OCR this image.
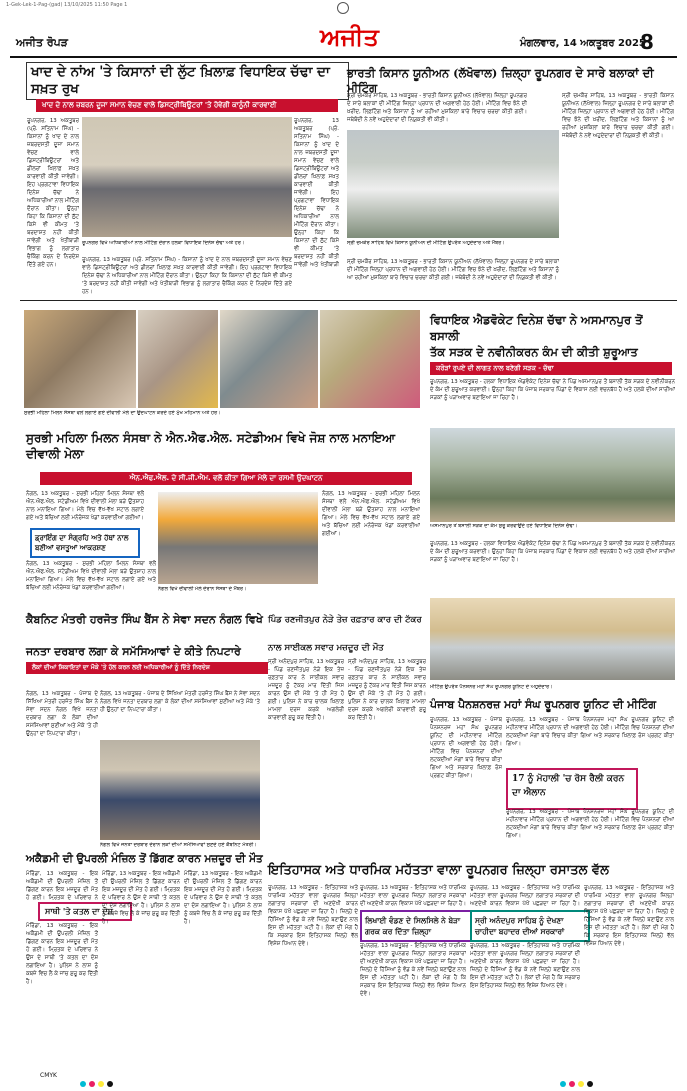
1-Gek-Lek-1-Pag-(gad) 13/10/2025 11:50 Page 1
ਅਜੀਤ ਰੋਪੜ	ਅਜੀਤ	ਮੰਗਲਵਾਰ, 14 ਅਕਤੂਬਰ 2025
8
ਖਾਦ ਦੇ ਨਾਂਅ 'ਤੇ ਕਿਸਾਨਾਂ ਦੀ ਲੁੱਟ ਖ਼ਿਲਾਫ਼ ਵਿਧਾਇਕ ਚੱਢਾ ਦਾ ਸਖ਼ਤ ਰੁਖ
ਖਾਦ ਦੇ ਨਾਲ ਜ਼ਬਰਨ ਦੂਜਾ ਸਮਾਨ ਵੇਚਣ ਵਾਲੇ ਡਿਸਟ੍ਰੀਬਿਊਟਰਾਂ 'ਤੇ ਹੋਵੇਗੀ ਕਾਨੂੰਨੀ ਕਾਰਵਾਈ
ਰੂਪਨਗਰ, 13 ਅਕਤੂਬਰ (ਪ੍ਰੋ. ਸਤਿਨਾਮ ਸਿੰਘ) - ਕਿਸਾਨਾਂ ਨੂੰ ਖਾਦ ਦੇ ਨਾਲ ਜ਼ਬਰਦਸਤੀ ਦੂਜਾ ਸਮਾਨ ਵੇਚਣ ਵਾਲੇ ਡਿਸਟ੍ਰੀਬਿਊਟਰਾਂ ਅਤੇ ਡੀਲਰਾਂ ਖ਼ਿਲਾਫ਼ ਸਖ਼ਤ ਕਾਰਵਾਈ ਕੀਤੀ ਜਾਵੇਗੀ। ਇਹ ਪ੍ਰਗਟਾਵਾ ਵਿਧਾਇਕ ਦਿਨੇਸ਼ ਚੱਢਾ ਨੇ ਅਧਿਕਾਰੀਆਂ ਨਾਲ ਮੀਟਿੰਗ ਦੌਰਾਨ ਕੀਤਾ। ਉਨ੍ਹਾਂ ਕਿਹਾ ਕਿ ਕਿਸਾਨਾਂ ਦੀ ਲੁੱਟ ਕਿਸੇ ਵੀ ਕੀਮਤ 'ਤੇ ਬਰਦਾਸ਼ਤ ਨਹੀਂ ਕੀਤੀ ਜਾਵੇਗੀ ਅਤੇ ਖੇਤੀਬਾੜੀ ਵਿਭਾਗ ਨੂੰ ਲਗਾਤਾਰ ਚੈਕਿੰਗ ਕਰਨ ਦੇ ਨਿਰਦੇਸ਼ ਦਿੱਤੇ ਗਏ ਹਨ।
ਰੂਪਨਗਰ, 13 ਅਕਤੂਬਰ (ਪ੍ਰੋ. ਸਤਿਨਾਮ ਸਿੰਘ) - ਕਿਸਾਨਾਂ ਨੂੰ ਖਾਦ ਦੇ ਨਾਲ ਜ਼ਬਰਦਸਤੀ ਦੂਜਾ ਸਮਾਨ ਵੇਚਣ ਵਾਲੇ ਡਿਸਟ੍ਰੀਬਿਊਟਰਾਂ ਅਤੇ ਡੀਲਰਾਂ ਖ਼ਿਲਾਫ਼ ਸਖ਼ਤ ਕਾਰਵਾਈ ਕੀਤੀ ਜਾਵੇਗੀ। ਇਹ ਪ੍ਰਗਟਾਵਾ ਵਿਧਾਇਕ ਦਿਨੇਸ਼ ਚੱਢਾ ਨੇ ਅਧਿਕਾਰੀਆਂ ਨਾਲ ਮੀਟਿੰਗ ਦੌਰਾਨ ਕੀਤਾ। ਉਨ੍ਹਾਂ ਕਿਹਾ ਕਿ ਕਿਸਾਨਾਂ ਦੀ ਲੁੱਟ ਕਿਸੇ ਵੀ ਕੀਮਤ 'ਤੇ ਬਰਦਾਸ਼ਤ ਨਹੀਂ ਕੀਤੀ ਜਾਵੇਗੀ ਅਤੇ ਖੇਤੀਬਾੜੀ
ਰੂਪਨਗਰ ਵਿਖੇ ਅਧਿਕਾਰੀਆਂ ਨਾਲ ਮੀਟਿੰਗ ਦੌਰਾਨ ਹਲਕਾ ਵਿਧਾਇਕ ਦਿਨੇਸ਼ ਚੱਢਾ ਅਤੇ ਹੋਰ।
ਰੂਪਨਗਰ, 13 ਅਕਤੂਬਰ (ਪ੍ਰੋ. ਸਤਿਨਾਮ ਸਿੰਘ) - ਕਿਸਾਨਾਂ ਨੂੰ ਖਾਦ ਦੇ ਨਾਲ ਜ਼ਬਰਦਸਤੀ ਦੂਜਾ ਸਮਾਨ ਵੇਚਣ ਵਾਲੇ ਡਿਸਟ੍ਰੀਬਿਊਟਰਾਂ ਅਤੇ ਡੀਲਰਾਂ ਖ਼ਿਲਾਫ਼ ਸਖ਼ਤ ਕਾਰਵਾਈ ਕੀਤੀ ਜਾਵੇਗੀ। ਇਹ ਪ੍ਰਗਟਾਵਾ ਵਿਧਾਇਕ ਦਿਨੇਸ਼ ਚੱਢਾ ਨੇ ਅਧਿਕਾਰੀਆਂ ਨਾਲ ਮੀਟਿੰਗ ਦੌਰਾਨ ਕੀਤਾ। ਉਨ੍ਹਾਂ ਕਿਹਾ ਕਿ ਕਿਸਾਨਾਂ ਦੀ ਲੁੱਟ ਕਿਸੇ ਵੀ ਕੀਮਤ 'ਤੇ ਬਰਦਾਸ਼ਤ ਨਹੀਂ ਕੀਤੀ ਜਾਵੇਗੀ ਅਤੇ ਖੇਤੀਬਾੜੀ ਵਿਭਾਗ ਨੂੰ ਲਗਾਤਾਰ ਚੈਕਿੰਗ ਕਰਨ ਦੇ ਨਿਰਦੇਸ਼ ਦਿੱਤੇ ਗਏ ਹਨ।
ਭਾਰਤੀ ਕਿਸਾਨ ਯੂਨੀਅਨ (ਲੱਖੋਵਾਲ) ਜ਼ਿਲ੍ਹਾ ਰੂਪਨਗਰ ਦੇ ਸਾਰੇ ਬਲਾਕਾਂ ਦੀ ਮੀਟਿੰਗ
ਸ੍ਰੀ ਚਮਕੌਰ ਸਾਹਿਬ, 13 ਅਕਤੂਬਰ - ਭਾਰਤੀ ਕਿਸਾਨ ਯੂਨੀਅਨ (ਲੱਖੋਵਾਲ) ਜ਼ਿਲ੍ਹਾ ਰੂਪਨਗਰ ਦੇ ਸਾਰੇ ਬਲਾਕਾਂ ਦੀ ਮੀਟਿੰਗ ਜ਼ਿਲ੍ਹਾ ਪ੍ਰਧਾਨ ਦੀ ਅਗਵਾਈ ਹੇਠ ਹੋਈ। ਮੀਟਿੰਗ ਵਿਚ ਝੋਨੇ ਦੀ ਖ਼ਰੀਦ, ਲਿਫ਼ਟਿੰਗ ਅਤੇ ਕਿਸਾਨਾਂ ਨੂੰ ਆ ਰਹੀਆਂ ਮੁਸ਼ਕਿਲਾਂ ਬਾਰੇ ਵਿਚਾਰ ਚਰਚਾ ਕੀਤੀ ਗਈ। ਜਥੇਬੰਦੀ ਨੇ ਨਵੇਂ ਅਹੁਦੇਦਾਰਾਂ ਦੀ ਨਿਯੁਕਤੀ ਵੀ ਕੀਤੀ।
ਸ੍ਰੀ ਚਮਕੌਰ ਸਾਹਿਬ, 13 ਅਕਤੂਬਰ - ਭਾਰਤੀ ਕਿਸਾਨ ਯੂਨੀਅਨ (ਲੱਖੋਵਾਲ) ਜ਼ਿਲ੍ਹਾ ਰੂਪਨਗਰ ਦੇ ਸਾਰੇ ਬਲਾਕਾਂ ਦੀ ਮੀਟਿੰਗ ਜ਼ਿਲ੍ਹਾ ਪ੍ਰਧਾਨ ਦੀ ਅਗਵਾਈ ਹੇਠ ਹੋਈ। ਮੀਟਿੰਗ ਵਿਚ ਝੋਨੇ ਦੀ ਖ਼ਰੀਦ, ਲਿਫ਼ਟਿੰਗ ਅਤੇ ਕਿਸਾਨਾਂ ਨੂੰ ਆ ਰਹੀਆਂ ਮੁਸ਼ਕਿਲਾਂ ਬਾਰੇ ਵਿਚਾਰ ਚਰਚਾ ਕੀਤੀ ਗਈ। ਜਥੇਬੰਦੀ ਨੇ ਨਵੇਂ ਅਹੁਦੇਦਾਰਾਂ ਦੀ ਨਿਯੁਕਤੀ ਵੀ ਕੀਤੀ।
ਸ੍ਰੀ ਚਮਕੌਰ ਸਾਹਿਬ ਵਿਖੇ ਕਿਸਾਨ ਯੂਨੀਅਨ ਦੀ ਮੀਟਿੰਗ ਉਪਰੰਤ ਅਹੁਦੇਦਾਰ ਅਤੇ ਮੈਂਬਰ।
ਸ੍ਰੀ ਚਮਕੌਰ ਸਾਹਿਬ, 13 ਅਕਤੂਬਰ - ਭਾਰਤੀ ਕਿਸਾਨ ਯੂਨੀਅਨ (ਲੱਖੋਵਾਲ) ਜ਼ਿਲ੍ਹਾ ਰੂਪਨਗਰ ਦੇ ਸਾਰੇ ਬਲਾਕਾਂ ਦੀ ਮੀਟਿੰਗ ਜ਼ਿਲ੍ਹਾ ਪ੍ਰਧਾਨ ਦੀ ਅਗਵਾਈ ਹੇਠ ਹੋਈ। ਮੀਟਿੰਗ ਵਿਚ ਝੋਨੇ ਦੀ ਖ਼ਰੀਦ, ਲਿਫ਼ਟਿੰਗ ਅਤੇ ਕਿਸਾਨਾਂ ਨੂੰ ਆ ਰਹੀਆਂ ਮੁਸ਼ਕਿਲਾਂ ਬਾਰੇ ਵਿਚਾਰ ਚਰਚਾ ਕੀਤੀ ਗਈ। ਜਥੇਬੰਦੀ ਨੇ ਨਵੇਂ ਅਹੁਦੇਦਾਰਾਂ ਦੀ ਨਿਯੁਕਤੀ ਵੀ ਕੀਤੀ।
ਸੁਰਭੀ ਮਹਿਲਾ ਮਿਲਨ ਸੰਸਥਾ ਵਲੋਂ ਲਗਾਏ ਗਏ ਦੀਵਾਲੀ ਮੇਲੇ ਦਾ ਉਦਘਾਟਨ ਕਰਦੇ ਹੋਏ ਮੁੱਖ ਮਹਿਮਾਨ ਅਤੇ ਹੋਰ।
ਵਿਧਾਇਕ ਐਡਵੋਕੇਟ ਦਿਨੇਸ਼ ਚੱਢਾ ਨੇ ਅਸਮਾਨਪੁਰ ਤੋਂ ਬਸਾਲੀ
ਤੱਕ ਸੜਕ ਦੇ ਨਵੀਨੀਕਰਨ ਕੰਮ ਦੀ ਕੀਤੀ ਸ਼ੁਰੂਆਤ
ਕਰੋੜਾਂ ਰੁਪਏ ਦੀ ਲਾਗਤ ਨਾਲ ਬਣੇਗੀ ਸੜਕ - ਚੱਢਾ
ਰੂਪਨਗਰ, 13 ਅਕਤੂਬਰ - ਹਲਕਾ ਵਿਧਾਇਕ ਐਡਵੋਕੇਟ ਦਿਨੇਸ਼ ਚੱਢਾ ਨੇ ਪਿੰਡ ਅਸਮਾਨਪੁਰ ਤੋਂ ਬਸਾਲੀ ਤੱਕ ਸੜਕ ਦੇ ਨਵੀਨੀਕਰਨ ਦੇ ਕੰਮ ਦੀ ਸ਼ੁਰੂਆਤ ਕਰਵਾਈ। ਉਨ੍ਹਾਂ ਕਿਹਾ ਕਿ ਪੰਜਾਬ ਸਰਕਾਰ ਪਿੰਡਾਂ ਦੇ ਵਿਕਾਸ ਲਈ ਵਚਨਬੱਧ ਹੈ ਅਤੇ ਹਲਕੇ ਦੀਆਂ ਸਾਰੀਆਂ ਸੜਕਾਂ ਨੂੰ ਪੜਾਅਵਾਰ ਬਣਾਇਆ ਜਾ ਰਿਹਾ ਹੈ।
ਅਸਮਾਨਪੁਰ ਤੋਂ ਬਸਾਲੀ ਸੜਕ ਦਾ ਕੰਮ ਸ਼ੁਰੂ ਕਰਵਾਉਂਦੇ ਹੋਏ ਵਿਧਾਇਕ ਦਿਨੇਸ਼ ਚੱਢਾ।
ਰੂਪਨਗਰ, 13 ਅਕਤੂਬਰ - ਹਲਕਾ ਵਿਧਾਇਕ ਐਡਵੋਕੇਟ ਦਿਨੇਸ਼ ਚੱਢਾ ਨੇ ਪਿੰਡ ਅਸਮਾਨਪੁਰ ਤੋਂ ਬਸਾਲੀ ਤੱਕ ਸੜਕ ਦੇ ਨਵੀਨੀਕਰਨ ਦੇ ਕੰਮ ਦੀ ਸ਼ੁਰੂਆਤ ਕਰਵਾਈ। ਉਨ੍ਹਾਂ ਕਿਹਾ ਕਿ ਪੰਜਾਬ ਸਰਕਾਰ ਪਿੰਡਾਂ ਦੇ ਵਿਕਾਸ ਲਈ ਵਚਨਬੱਧ ਹੈ ਅਤੇ ਹਲਕੇ ਦੀਆਂ ਸਾਰੀਆਂ ਸੜਕਾਂ ਨੂੰ ਪੜਾਅਵਾਰ ਬਣਾਇਆ ਜਾ ਰਿਹਾ ਹੈ।
ਸੁਰਭੀ ਮਹਿਲਾ ਮਿਲਨ ਸੰਸਥਾ ਨੇ ਐਨ.ਐਫ.ਐਲ. ਸਟੇਡੀਅਮ ਵਿਖੇ ਜੋਸ਼ ਨਾਲ ਮਨਾਇਆ ਦੀਵਾਲੀ ਮੇਲਾ
ਐਨ.ਐਫ.ਐਲ. ਦੇ ਸੀ.ਜੀ.ਐਮ. ਵਲੋਂ ਕੀਤਾ ਗਿਆ ਮੇਲੇ ਦਾ ਰਸਮੀ ਉਦਘਾਟਨ
ਨੰਗਲ, 13 ਅਕਤੂਬਰ - ਸੁਰਭੀ ਮਹਿਲਾ ਮਿਲਨ ਸੰਸਥਾ ਵਲੋਂ ਐਨ.ਐਫ.ਐਲ. ਸਟੇਡੀਅਮ ਵਿਖੇ ਦੀਵਾਲੀ ਮੇਲਾ ਬੜੇ ਉਤਸ਼ਾਹ ਨਾਲ ਮਨਾਇਆ ਗਿਆ। ਮੇਲੇ ਵਿਚ ਵੱਖ-ਵੱਖ ਸਟਾਲ ਲਗਾਏ ਗਏ ਅਤੇ ਬੱਚਿਆਂ ਲਈ ਮਨੋਰੰਜਕ ਖੇਡਾਂ ਕਰਵਾਈਆਂ ਗਈਆਂ।
ਡ੍ਰਾਇੰਗ ਦਾ ਸੰਗ੍ਰਹਿ ਅਤੇ ਹੱਥਾਂ ਨਾਲ ਬਣੀਆਂ ਵਸਤੂਆਂ ਆਕਰਸ਼ਣ
ਨੰਗਲ, 13 ਅਕਤੂਬਰ - ਸੁਰਭੀ ਮਹਿਲਾ ਮਿਲਨ ਸੰਸਥਾ ਵਲੋਂ ਐਨ.ਐਫ.ਐਲ. ਸਟੇਡੀਅਮ ਵਿਖੇ ਦੀਵਾਲੀ ਮੇਲਾ ਬੜੇ ਉਤਸ਼ਾਹ ਨਾਲ ਮਨਾਇਆ ਗਿਆ। ਮੇਲੇ ਵਿਚ ਵੱਖ-ਵੱਖ ਸਟਾਲ ਲਗਾਏ ਗਏ ਅਤੇ ਬੱਚਿਆਂ ਲਈ ਮਨੋਰੰਜਕ ਖੇਡਾਂ ਕਰਵਾਈਆਂ ਗਈਆਂ।	ਨੰਗਲ ਵਿਖੇ ਦੀਵਾਲੀ ਮੇਲੇ ਦੌਰਾਨ ਸੰਸਥਾ ਦੇ ਮੈਂਬਰ।
ਨੰਗਲ, 13 ਅਕਤੂਬਰ - ਸੁਰਭੀ ਮਹਿਲਾ ਮਿਲਨ ਸੰਸਥਾ ਵਲੋਂ ਐਨ.ਐਫ.ਐਲ. ਸਟੇਡੀਅਮ ਵਿਖੇ ਦੀਵਾਲੀ ਮੇਲਾ ਬੜੇ ਉਤਸ਼ਾਹ ਨਾਲ ਮਨਾਇਆ ਗਿਆ। ਮੇਲੇ ਵਿਚ ਵੱਖ-ਵੱਖ ਸਟਾਲ ਲਗਾਏ ਗਏ ਅਤੇ ਬੱਚਿਆਂ ਲਈ ਮਨੋਰੰਜਕ ਖੇਡਾਂ ਕਰਵਾਈਆਂ ਗਈਆਂ।
ਕੈਬਨਿਟ ਮੰਤਰੀ ਹਰਜੋਤ ਸਿੰਘ ਬੈਂਸ ਨੇ ਸੇਵਾ ਸਦਨ ਨੰਗਲ ਵਿਖੇ
ਜਨਤਾ ਦਰਬਾਰ ਲਗਾ ਕੇ ਸਮੱਸਿਆਵਾਂ ਦੇ ਕੀਤੇ ਨਿਪਟਾਰੇ
ਲੋਕਾਂ ਦੀਆਂ ਸ਼ਿਕਾਇਤਾਂ ਦਾ ਮੌਕੇ 'ਤੇ ਹੱਲ ਕਰਨ ਲਈ ਅਧਿਕਾਰੀਆਂ ਨੂੰ ਦਿੱਤੇ ਨਿਰਦੇਸ਼
ਨੰਗਲ, 13 ਅਕਤੂਬਰ - ਪੰਜਾਬ ਦੇ ਸਿੱਖਿਆ ਮੰਤਰੀ ਹਰਜੋਤ ਸਿੰਘ ਬੈਂਸ ਨੇ ਸੇਵਾ ਸਦਨ ਨੰਗਲ ਵਿਖੇ ਜਨਤਾ ਦਰਬਾਰ ਲਗਾ ਕੇ ਲੋਕਾਂ ਦੀਆਂ ਸਮੱਸਿਆਵਾਂ ਸੁਣੀਆਂ ਅਤੇ ਮੌਕੇ 'ਤੇ ਹੀ ਉਨ੍ਹਾਂ ਦਾ ਨਿਪਟਾਰਾ ਕੀਤਾ।
ਨੰਗਲ ਵਿਖੇ ਜਨਤਾ ਦਰਬਾਰ ਦੌਰਾਨ ਲੋਕਾਂ ਦੀਆਂ ਸਮੱਸਿਆਵਾਂ ਸੁਣਦੇ ਹੋਏ ਕੈਬਨਿਟ ਮੰਤਰੀ।
ਨੰਗਲ, 13 ਅਕਤੂਬਰ - ਪੰਜਾਬ ਦੇ ਸਿੱਖਿਆ ਮੰਤਰੀ ਹਰਜੋਤ ਸਿੰਘ ਬੈਂਸ ਨੇ ਸੇਵਾ ਸਦਨ ਨੰਗਲ ਵਿਖੇ ਜਨਤਾ ਦਰਬਾਰ ਲਗਾ ਕੇ ਲੋਕਾਂ ਦੀਆਂ ਸਮੱਸਿਆਵਾਂ ਸੁਣੀਆਂ ਅਤੇ ਮੌਕੇ 'ਤੇ ਹੀ ਉਨ੍ਹਾਂ ਦਾ ਨਿਪਟਾਰਾ ਕੀਤਾ।
ਪਿੰਡ ਰਣਜੀਤਪੁਰ ਨੇੜੇ ਤੇਜ਼ ਰਫ਼ਤਾਰ ਕਾਰ ਦੀ ਟੱਕਰ
ਨਾਲ ਸਾਈਕਲ ਸਵਾਰ ਮਜ਼ਦੂਰ ਦੀ ਮੌਤ
ਸ੍ਰੀ ਅਨੰਦਪੁਰ ਸਾਹਿਬ, 13 ਅਕਤੂਬਰ - ਪਿੰਡ ਰਣਜੀਤਪੁਰ ਨੇੜੇ ਇਕ ਤੇਜ਼ ਰਫ਼ਤਾਰ ਕਾਰ ਨੇ ਸਾਈਕਲ ਸਵਾਰ ਮਜ਼ਦੂਰ ਨੂੰ ਟੱਕਰ ਮਾਰ ਦਿੱਤੀ ਜਿਸ ਕਾਰਨ ਉਸ ਦੀ ਮੌਕੇ 'ਤੇ ਹੀ ਮੌਤ ਹੋ ਗਈ। ਪੁਲਿਸ ਨੇ ਕਾਰ ਚਾਲਕ ਖ਼ਿਲਾਫ਼ ਮਾਮਲਾ ਦਰਜ ਕਰਕੇ ਅਗਲੇਰੀ ਕਾਰਵਾਈ ਸ਼ੁਰੂ ਕਰ ਦਿੱਤੀ ਹੈ।
ਸ੍ਰੀ ਅਨੰਦਪੁਰ ਸਾਹਿਬ, 13 ਅਕਤੂਬਰ - ਪਿੰਡ ਰਣਜੀਤਪੁਰ ਨੇੜੇ ਇਕ ਤੇਜ਼ ਰਫ਼ਤਾਰ ਕਾਰ ਨੇ ਸਾਈਕਲ ਸਵਾਰ ਮਜ਼ਦੂਰ ਨੂੰ ਟੱਕਰ ਮਾਰ ਦਿੱਤੀ ਜਿਸ ਕਾਰਨ ਉਸ ਦੀ ਮੌਕੇ 'ਤੇ ਹੀ ਮੌਤ ਹੋ ਗਈ। ਪੁਲਿਸ ਨੇ ਕਾਰ ਚਾਲਕ ਖ਼ਿਲਾਫ਼ ਮਾਮਲਾ ਦਰਜ ਕਰਕੇ ਅਗਲੇਰੀ ਕਾਰਵਾਈ ਸ਼ੁਰੂ ਕਰ ਦਿੱਤੀ ਹੈ।
ਮੀਟਿੰਗ ਉਪਰੰਤ ਪੈਨਸ਼ਨਰ ਮਹਾਂ ਸੰਘ ਰੂਪਨਗਰ ਯੂਨਿਟ ਦੇ ਅਹੁਦੇਦਾਰ।
ਪੰਜਾਬ ਪੈਨਸ਼ਨਰਜ਼ ਮਹਾਂ ਸੰਘ ਰੂਪਨਗਰ ਯੂਨਿਟ ਦੀ ਮੀਟਿੰਗ
ਰੂਪਨਗਰ, 13 ਅਕਤੂਬਰ - ਪੰਜਾਬ ਪੈਨਸ਼ਨਰਜ਼ ਮਹਾਂ ਸੰਘ ਰੂਪਨਗਰ ਯੂਨਿਟ ਦੀ ਮਹੀਨਾਵਾਰ ਮੀਟਿੰਗ ਪ੍ਰਧਾਨ ਦੀ ਅਗਵਾਈ ਹੇਠ ਹੋਈ। ਮੀਟਿੰਗ ਵਿਚ ਪੈਨਸ਼ਨਰਾਂ ਦੀਆਂ ਲਟਕਦੀਆਂ ਮੰਗਾਂ ਬਾਰੇ ਵਿਚਾਰ ਕੀਤਾ ਗਿਆ ਅਤੇ ਸਰਕਾਰ ਖ਼ਿਲਾਫ਼ ਰੋਸ ਪ੍ਰਗਟ ਕੀਤਾ ਗਿਆ।
ਰੂਪਨਗਰ, 13 ਅਕਤੂਬਰ - ਪੰਜਾਬ ਪੈਨਸ਼ਨਰਜ਼ ਮਹਾਂ ਸੰਘ ਰੂਪਨਗਰ ਯੂਨਿਟ ਦੀ ਮਹੀਨਾਵਾਰ ਮੀਟਿੰਗ ਪ੍ਰਧਾਨ ਦੀ ਅਗਵਾਈ ਹੇਠ ਹੋਈ। ਮੀਟਿੰਗ ਵਿਚ ਪੈਨਸ਼ਨਰਾਂ ਦੀਆਂ ਲਟਕਦੀਆਂ ਮੰਗਾਂ ਬਾਰੇ ਵਿਚਾਰ ਕੀਤਾ ਗਿਆ ਅਤੇ ਸਰਕਾਰ ਖ਼ਿਲਾਫ਼ ਰੋਸ ਪ੍ਰਗਟ ਕੀਤਾ ਗਿਆ।
17 ਨੂੰ ਮੋਹਾਲੀ 'ਚ ਰੋਸ ਰੈਲੀ ਕਰਨ ਦਾ ਐਲਾਨ
ਰੂਪਨਗਰ, 13 ਅਕਤੂਬਰ - ਪੰਜਾਬ ਪੈਨਸ਼ਨਰਜ਼ ਮਹਾਂ ਸੰਘ ਰੂਪਨਗਰ ਯੂਨਿਟ ਦੀ ਮਹੀਨਾਵਾਰ ਮੀਟਿੰਗ ਪ੍ਰਧਾਨ ਦੀ ਅਗਵਾਈ ਹੇਠ ਹੋਈ। ਮੀਟਿੰਗ ਵਿਚ ਪੈਨਸ਼ਨਰਾਂ ਦੀਆਂ ਲਟਕਦੀਆਂ ਮੰਗਾਂ ਬਾਰੇ ਵਿਚਾਰ ਕੀਤਾ ਗਿਆ ਅਤੇ ਸਰਕਾਰ ਖ਼ਿਲਾਫ਼ ਰੋਸ ਪ੍ਰਗਟ ਕੀਤਾ ਗਿਆ।
ਅਕੈਡਮੀ ਦੀ ਉਪਰਲੀ ਮੰਜ਼ਿਲ ਤੋਂ ਡਿੱਗਣ ਕਾਰਨ ਮਜ਼ਦੂਰ ਦੀ ਮੌਤ
ਮੋਰਿੰਡਾ, 13 ਅਕਤੂਬਰ - ਇਕ ਅਕੈਡਮੀ ਦੀ ਉਪਰਲੀ ਮੰਜ਼ਿਲ ਤੋਂ ਡਿੱਗਣ ਕਾਰਨ ਇਕ ਮਜ਼ਦੂਰ ਦੀ ਮੌਤ ਹੋ ਗਈ। ਮ੍ਰਿਤਕ ਦੇ ਪਰਿਵਾਰ ਨੇ
ਸਾਥੀ 'ਤੇ ਕਤਲ ਦਾ ਦੋਸ਼
ਮੋਰਿੰਡਾ, 13 ਅਕਤੂਬਰ - ਇਕ ਅਕੈਡਮੀ ਦੀ ਉਪਰਲੀ ਮੰਜ਼ਿਲ ਤੋਂ ਡਿੱਗਣ ਕਾਰਨ ਇਕ ਮਜ਼ਦੂਰ ਦੀ ਮੌਤ ਹੋ ਗਈ। ਮ੍ਰਿਤਕ ਦੇ ਪਰਿਵਾਰ ਨੇ ਉਸ ਦੇ ਸਾਥੀ 'ਤੇ ਕਤਲ ਦਾ ਦੋਸ਼ ਲਗਾਇਆ ਹੈ। ਪੁਲਿਸ ਨੇ ਲਾਸ਼ ਨੂੰ ਕਬਜ਼ੇ ਵਿਚ ਲੈ ਕੇ ਜਾਂਚ ਸ਼ੁਰੂ ਕਰ ਦਿੱਤੀ ਹੈ।
ਮੋਰਿੰਡਾ, 13 ਅਕਤੂਬਰ - ਇਕ ਅਕੈਡਮੀ ਦੀ ਉਪਰਲੀ ਮੰਜ਼ਿਲ ਤੋਂ ਡਿੱਗਣ ਕਾਰਨ ਇਕ ਮਜ਼ਦੂਰ ਦੀ ਮੌਤ ਹੋ ਗਈ। ਮ੍ਰਿਤਕ ਦੇ ਪਰਿਵਾਰ ਨੇ ਉਸ ਦੇ ਸਾਥੀ 'ਤੇ ਕਤਲ ਦਾ ਦੋਸ਼ ਲਗਾਇਆ ਹੈ। ਪੁਲਿਸ ਨੇ ਲਾਸ਼ ਨੂੰ ਕਬਜ਼ੇ ਵਿਚ ਲੈ ਕੇ ਜਾਂਚ ਸ਼ੁਰੂ ਕਰ ਦਿੱਤੀ ਹੈ।
ਮੋਰਿੰਡਾ, 13 ਅਕਤੂਬਰ - ਇਕ ਅਕੈਡਮੀ ਦੀ ਉਪਰਲੀ ਮੰਜ਼ਿਲ ਤੋਂ ਡਿੱਗਣ ਕਾਰਨ ਇਕ ਮਜ਼ਦੂਰ ਦੀ ਮੌਤ ਹੋ ਗਈ। ਮ੍ਰਿਤਕ ਦੇ ਪਰਿਵਾਰ ਨੇ ਉਸ ਦੇ ਸਾਥੀ 'ਤੇ ਕਤਲ ਦਾ ਦੋਸ਼ ਲਗਾਇਆ ਹੈ। ਪੁਲਿਸ ਨੇ ਲਾਸ਼ ਨੂੰ ਕਬਜ਼ੇ ਵਿਚ ਲੈ ਕੇ ਜਾਂਚ ਸ਼ੁਰੂ ਕਰ ਦਿੱਤੀ ਹੈ।
ਇਤਿਹਾਸਕ ਅਤੇ ਧਾਰਮਿਕ ਮਹੱਤਤਾ ਵਾਲਾ ਰੂਪਨਗਰ ਜ਼ਿਲ੍ਹਾ ਰਸਾਤਲ ਵੱਲ
ਰੂਪਨਗਰ, 13 ਅਕਤੂਬਰ - ਇਤਿਹਾਸਕ ਅਤੇ ਧਾਰਮਿਕ ਮਹੱਤਤਾ ਵਾਲਾ ਰੂਪਨਗਰ ਜ਼ਿਲ੍ਹਾ ਲਗਾਤਾਰ ਸਰਕਾਰਾਂ ਦੀ ਅਣਦੇਖੀ ਕਾਰਨ ਵਿਕਾਸ ਪੱਖੋਂ ਪਛੜਦਾ ਜਾ ਰਿਹਾ ਹੈ। ਜ਼ਿਲ੍ਹੇ ਦੇ ਹਿੱਸਿਆਂ ਨੂੰ ਵੰਡ ਕੇ ਨਵੇਂ ਜ਼ਿਲ੍ਹੇ ਬਣਾਉਣ ਨਾਲ ਇਸ ਦੀ ਮਹੱਤਤਾ ਘਟੀ ਹੈ। ਲੋਕਾਂ ਦੀ ਮੰਗ ਹੈ ਕਿ ਸਰਕਾਰ ਇਸ ਇਤਿਹਾਸਕ ਜ਼ਿਲ੍ਹੇ ਵੱਲ ਵਿਸ਼ੇਸ਼ ਧਿਆਨ ਦੇਵੇ।
ਲਿਖਾਈ ਵੰਡਣ ਦੇ ਸਿਲਸਿਲੇ ਨੇ ਬੇੜਾ ਗਰਕ ਕਰ ਦਿੱਤਾ ਜ਼ਿਲ੍ਹਾ
ਰੂਪਨਗਰ, 13 ਅਕਤੂਬਰ - ਇਤਿਹਾਸਕ ਅਤੇ ਧਾਰਮਿਕ ਮਹੱਤਤਾ ਵਾਲਾ ਰੂਪਨਗਰ ਜ਼ਿਲ੍ਹਾ ਲਗਾਤਾਰ ਸਰਕਾਰਾਂ ਦੀ ਅਣਦੇਖੀ ਕਾਰਨ ਵਿਕਾਸ ਪੱਖੋਂ ਪਛੜਦਾ ਜਾ ਰਿਹਾ ਹੈ।
ਰੂਪਨਗਰ, 13 ਅਕਤੂਬਰ - ਇਤਿਹਾਸਕ ਅਤੇ ਧਾਰਮਿਕ ਮਹੱਤਤਾ ਵਾਲਾ ਰੂਪਨਗਰ ਜ਼ਿਲ੍ਹਾ ਲਗਾਤਾਰ ਸਰਕਾਰਾਂ ਦੀ ਅਣਦੇਖੀ ਕਾਰਨ ਵਿਕਾਸ ਪੱਖੋਂ ਪਛੜਦਾ ਜਾ ਰਿਹਾ ਹੈ। ਜ਼ਿਲ੍ਹੇ ਦੇ ਹਿੱਸਿਆਂ ਨੂੰ ਵੰਡ ਕੇ ਨਵੇਂ ਜ਼ਿਲ੍ਹੇ ਬਣਾਉਣ ਨਾਲ ਇਸ ਦੀ ਮਹੱਤਤਾ ਘਟੀ ਹੈ। ਲੋਕਾਂ ਦੀ ਮੰਗ ਹੈ ਕਿ ਸਰਕਾਰ ਇਸ ਇਤਿਹਾਸਕ ਜ਼ਿਲ੍ਹੇ ਵੱਲ ਵਿਸ਼ੇਸ਼ ਧਿਆਨ ਦੇਵੇ।
ਸ੍ਰੀ ਅਨੰਦਪੁਰ ਸਾਹਿਬ ਨੂੰ ਦੇਖਣਾ ਚਾਹੀਦਾ ਬਹਾਦਰ ਦੀਆਂ ਸਰਕਾਰਾਂ
ਰੂਪਨਗਰ, 13 ਅਕਤੂਬਰ - ਇਤਿਹਾਸਕ ਅਤੇ ਧਾਰਮਿਕ ਮਹੱਤਤਾ ਵਾਲਾ ਰੂਪਨਗਰ ਜ਼ਿਲ੍ਹਾ ਲਗਾਤਾਰ ਸਰਕਾਰਾਂ ਦੀ ਅਣਦੇਖੀ ਕਾਰਨ ਵਿਕਾਸ ਪੱਖੋਂ ਪਛੜਦਾ ਜਾ ਰਿਹਾ ਹੈ।
ਰੂਪਨਗਰ, 13 ਅਕਤੂਬਰ - ਇਤਿਹਾਸਕ ਅਤੇ ਧਾਰਮਿਕ ਮਹੱਤਤਾ ਵਾਲਾ ਰੂਪਨਗਰ ਜ਼ਿਲ੍ਹਾ ਲਗਾਤਾਰ ਸਰਕਾਰਾਂ ਦੀ ਅਣਦੇਖੀ ਕਾਰਨ ਵਿਕਾਸ ਪੱਖੋਂ ਪਛੜਦਾ ਜਾ ਰਿਹਾ ਹੈ। ਜ਼ਿਲ੍ਹੇ ਦੇ ਹਿੱਸਿਆਂ ਨੂੰ ਵੰਡ ਕੇ ਨਵੇਂ ਜ਼ਿਲ੍ਹੇ ਬਣਾਉਣ ਨਾਲ ਇਸ ਦੀ ਮਹੱਤਤਾ ਘਟੀ ਹੈ। ਲੋਕਾਂ ਦੀ ਮੰਗ ਹੈ ਕਿ ਸਰਕਾਰ ਇਸ ਇਤਿਹਾਸਕ ਜ਼ਿਲ੍ਹੇ ਵੱਲ ਵਿਸ਼ੇਸ਼ ਧਿਆਨ ਦੇਵੇ।
ਰੂਪਨਗਰ, 13 ਅਕਤੂਬਰ - ਇਤਿਹਾਸਕ ਅਤੇ ਧਾਰਮਿਕ ਮਹੱਤਤਾ ਵਾਲਾ ਰੂਪਨਗਰ ਜ਼ਿਲ੍ਹਾ ਲਗਾਤਾਰ ਸਰਕਾਰਾਂ ਦੀ ਅਣਦੇਖੀ ਕਾਰਨ ਵਿਕਾਸ ਪੱਖੋਂ ਪਛੜਦਾ ਜਾ ਰਿਹਾ ਹੈ। ਜ਼ਿਲ੍ਹੇ ਦੇ ਹਿੱਸਿਆਂ ਨੂੰ ਵੰਡ ਕੇ ਨਵੇਂ ਜ਼ਿਲ੍ਹੇ ਬਣਾਉਣ ਨਾਲ ਇਸ ਦੀ ਮਹੱਤਤਾ ਘਟੀ ਹੈ। ਲੋਕਾਂ ਦੀ ਮੰਗ ਹੈ ਕਿ ਸਰਕਾਰ ਇਸ ਇਤਿਹਾਸਕ ਜ਼ਿਲ੍ਹੇ ਵੱਲ ਵਿਸ਼ੇਸ਼ ਧਿਆਨ ਦੇਵੇ।
CMYK
